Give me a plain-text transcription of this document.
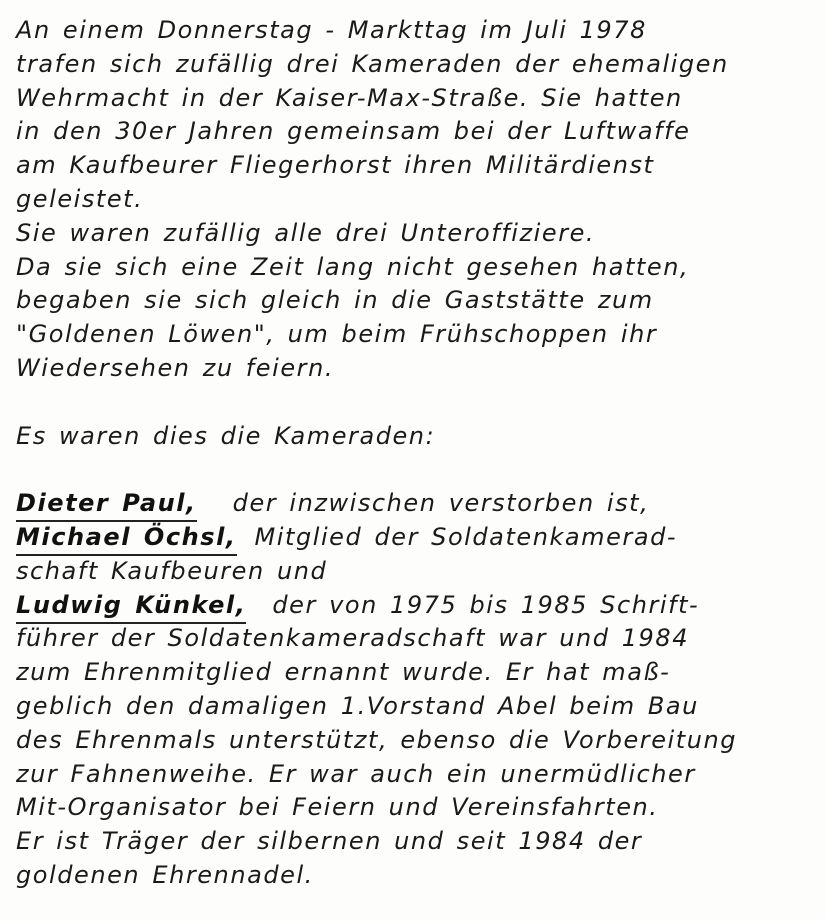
An einem Donnerstag - Markttag im Juli 1978
trafen sich zufällig drei Kameraden der ehemaligen
Wehrmacht in der Kaiser-Max-Straße. Sie hatten
in den 30er Jahren gemeinsam bei der Luftwaffe
am Kaufbeurer Fliegerhorst ihren Militärdienst
geleistet.
Sie waren zufällig alle drei Unteroffiziere.
Da sie sich eine Zeit lang nicht gesehen hatten,
begaben sie sich gleich in die Gaststätte zum
"Goldenen Löwen", um beim Frühschoppen ihr
Wiedersehen zu feiern.
Es waren dies die Kameraden:
Dieter Paul, der inzwischen verstorben ist,
Michael Öchsl, Mitglied der Soldatenkamerad-
schaft Kaufbeuren und
Ludwig Künkel, der von 1975 bis 1985 Schrift-
führer der Soldatenkameradschaft war und 1984
zum Ehrenmitglied ernannt wurde. Er hat maß-
geblich den damaligen 1.Vorstand Abel beim Bau
des Ehrenmals unterstützt, ebenso die Vorbereitung
zur Fahnenweihe. Er war auch ein unermüdlicher
Mit-Organisator bei Feiern und Vereinsfahrten.
Er ist Träger der silbernen und seit 1984 der
goldenen Ehrennadel.
